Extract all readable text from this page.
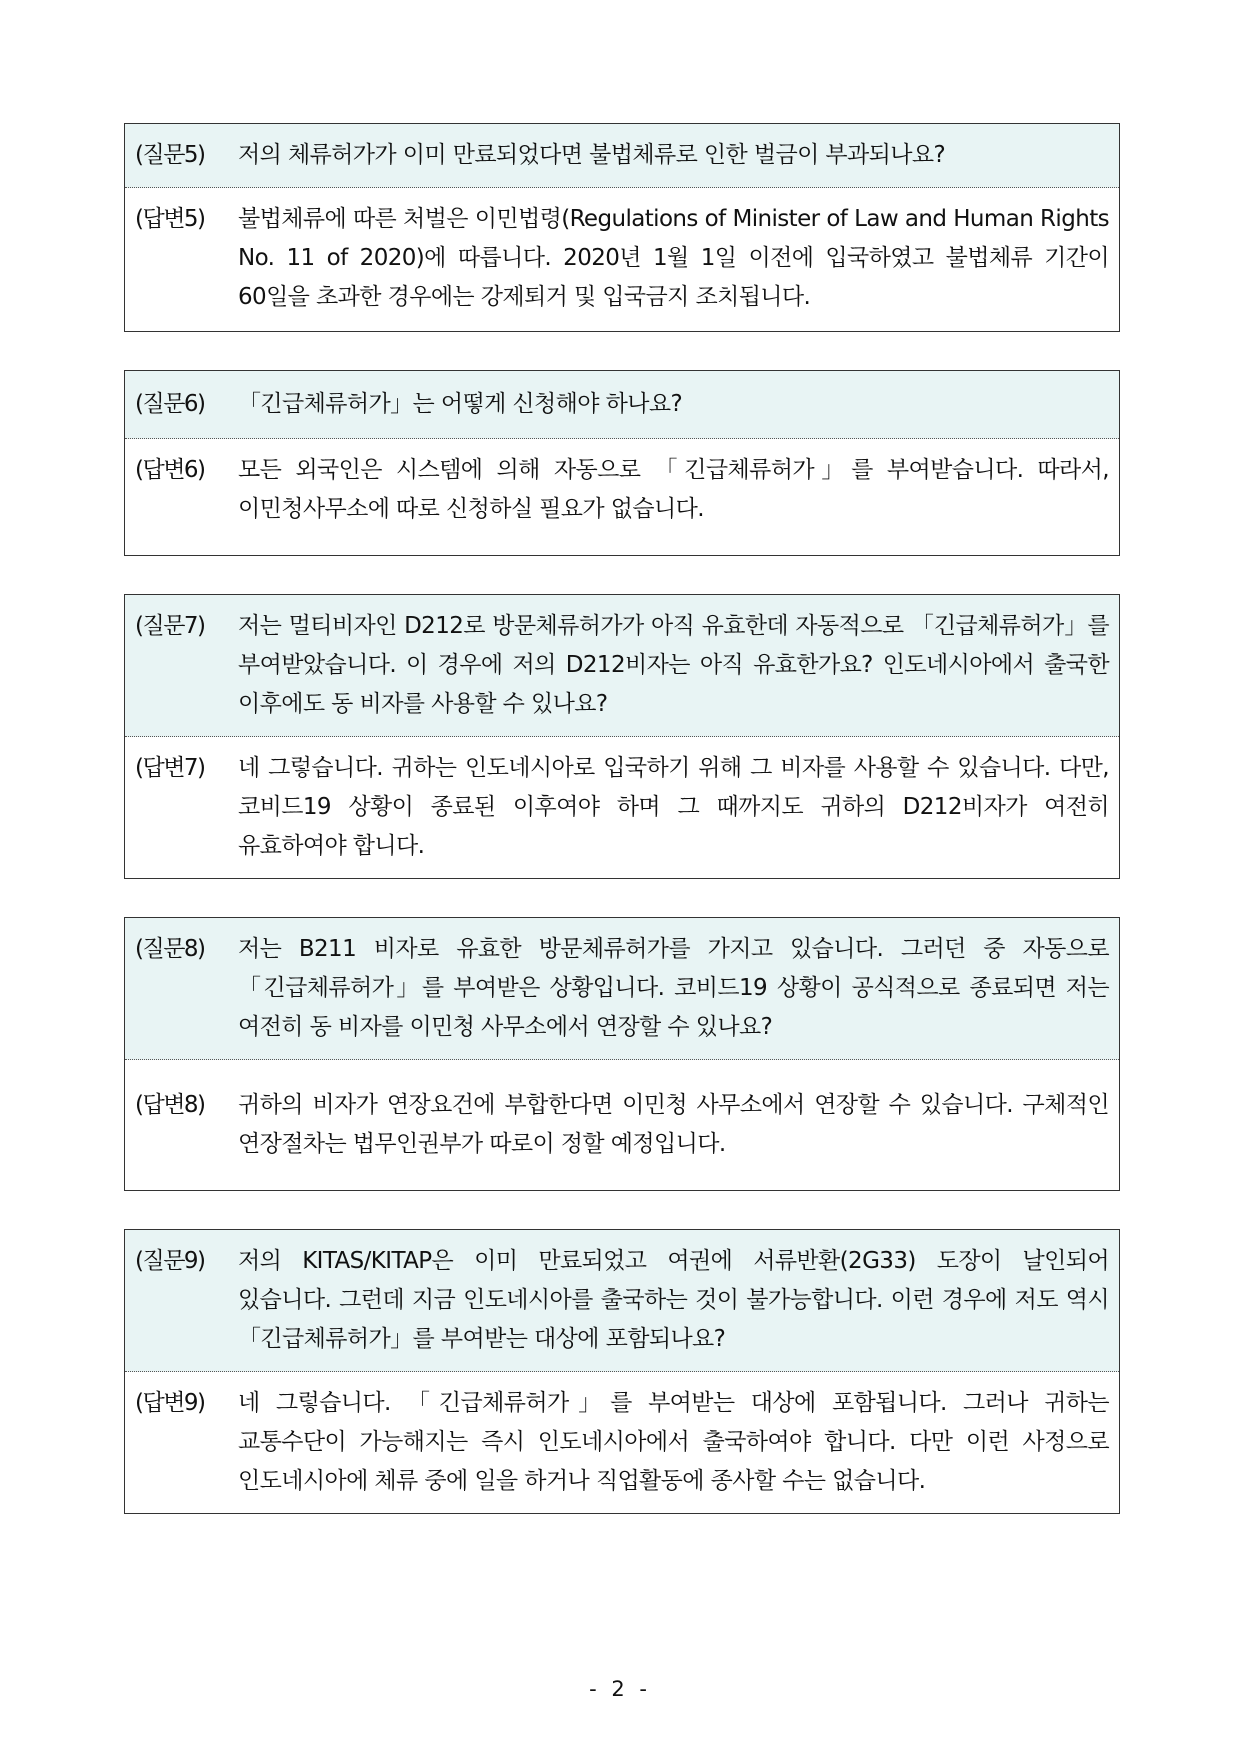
(질문5)	저의 체류허가가 이미 만료되었다면 불법체류로 인한 벌금이 부과되나요?
(답변5)	불법체류에 따른 처벌은 이민법령(Regulations of Minister of Law and Human Rights No. 11 of 2020)에 따릅니다. 2020년 1월 1일 이전에 입국하였고 불법체류 기간이 60일을 초과한 경우에는 강제퇴거 및 입국금지 조치됩니다.
(질문6)	「긴급체류허가」는 어떻게 신청해야 하나요?
(답변6)	모든 외국인은 시스템에 의해 자동으로 「긴급체류허가」를 부여받습니다. 따라서, 이민청사무소에 따로 신청하실 필요가 없습니다.
(질문7)	저는 멀티비자인 D212로 방문체류허가가 아직 유효한데 자동적으로 「긴급체류허가」를 부여받았습니다. 이 경우에 저의 D212비자는 아직 유효한가요? 인도네시아에서 출국한 이후에도 동 비자를 사용할 수 있나요?
(답변7)	네 그렇습니다. 귀하는 인도네시아로 입국하기 위해 그 비자를 사용할 수 있습니다. 다만, 코비드19 상황이 종료된 이후여야 하며 그 때까지도 귀하의 D212비자가 여전히 유효하여야 합니다.
(질문8)	저는 B211 비자로 유효한 방문체류허가를 가지고 있습니다. 그러던 중 자동으로 「긴급체류허가」를 부여받은 상황입니다. 코비드19 상황이 공식적으로 종료되면 저는 여전히 동 비자를 이민청 사무소에서 연장할 수 있나요?
(답변8)	귀하의 비자가 연장요건에 부합한다면 이민청 사무소에서 연장할 수 있습니다. 구체적인 연장절차는 법무인권부가 따로이 정할 예정입니다.
(질문9)	저의 KITAS/KITAP은 이미 만료되었고 여권에 서류반환(2G33) 도장이 날인되어 있습니다. 그런데 지금 인도네시아를 출국하는 것이 불가능합니다. 이런 경우에 저도 역시 「긴급체류허가」를 부여받는 대상에 포함되나요?
(답변9)	네 그렇습니다. 「긴급체류허가」를 부여받는 대상에 포함됩니다. 그러나 귀하는 교통수단이 가능해지는 즉시 인도네시아에서 출국하여야 합니다. 다만 이런 사정으로 인도네시아에 체류 중에 일을 하거나 직업활동에 종사할 수는 없습니다.
- 2 -
